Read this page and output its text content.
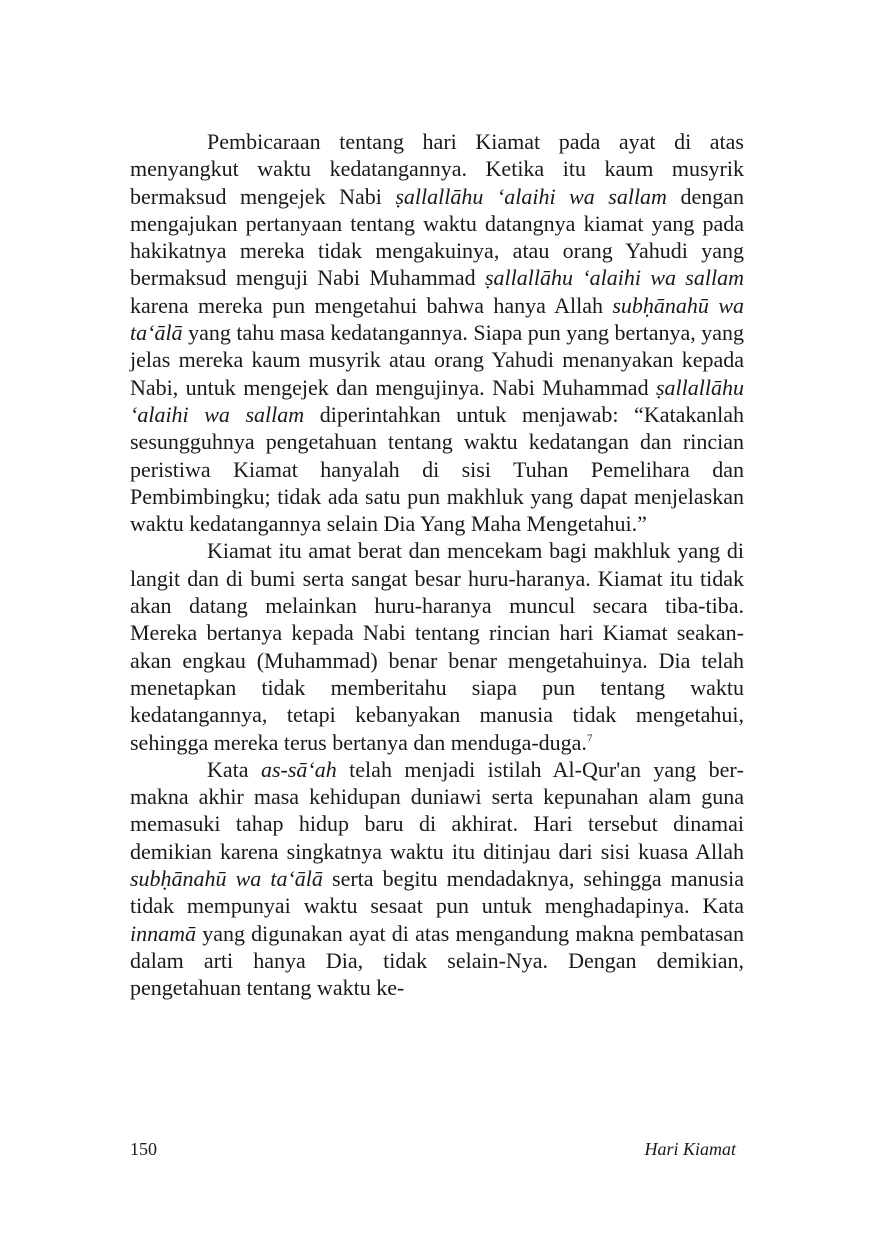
Pembicaraan tentang hari Kiamat pada ayat di atas menyangkut waktu kedatangannya. Ketika itu kaum musyrik bermaksud mengejek Nabi ṣallallāhu ‘alaihi wa sallam dengan mengajukan pertanyaan tentang waktu datangnya kiamat yang pada hakikatnya mereka tidak mengakuinya, atau orang Yahudi yang bermaksud menguji Nabi Muhammad ṣallallāhu ‘alaihi wa sallam karena mereka pun mengetahui bahwa hanya Allah subḥānahū wa ta‘ālā yang tahu masa kedatangannya. Siapa pun yang bertanya, yang jelas mereka kaum musyrik atau orang Yahudi menanyakan kepada Nabi, untuk mengejek dan mengujinya. Nabi Muhammad ṣallallāhu ‘alaihi wa sallam diperintahkan untuk menjawab: “Katakanlah sesungguhnya pengetahuan tentang waktu kedatangan dan rincian peristiwa Kiamat hanyalah di sisi Tuhan Pemelihara dan Pembimbingku; tidak ada satu pun makhluk yang dapat menjelaskan waktu kedatangannya selain Dia Yang Maha Mengetahui.”

Kiamat itu amat berat dan mencekam bagi makhluk yang di langit dan di bumi serta sangat besar huru-haranya. Kiamat itu tidak akan datang melainkan huru-haranya muncul secara tiba-tiba. Mereka bertanya kepada Nabi tentang rincian hari Kiamat seakan-akan engkau (Muhammad) benar benar mengetahuinya. Dia telah menetapkan tidak memberitahu siapa pun tentang waktu kedatangannya, tetapi kebanyakan manusia tidak mengetahui, sehingga mereka terus bertanya dan menduga-duga.$^7$

Kata as-sā‘ah telah menjadi istilah Al-Qur'an yang bermakna akhir masa kehidupan duniawi serta kepunahan alam guna memasuki tahap hidup baru di akhirat. Hari tersebut dinamai demikian karena singkatnya waktu itu ditinjau dari sisi kuasa Allah subḥānahū wa ta‘ālā serta begitu mendadaknya, sehingga manusia tidak mempunyai waktu sesaat pun untuk menghadapinya. Kata innamā yang digunakan ayat di atas mengandung makna pembatasan dalam arti hanya Dia, tidak selain-Nya. Dengan demikian, pengetahuan tentang waktu ke-

150	Hari Kiamat
